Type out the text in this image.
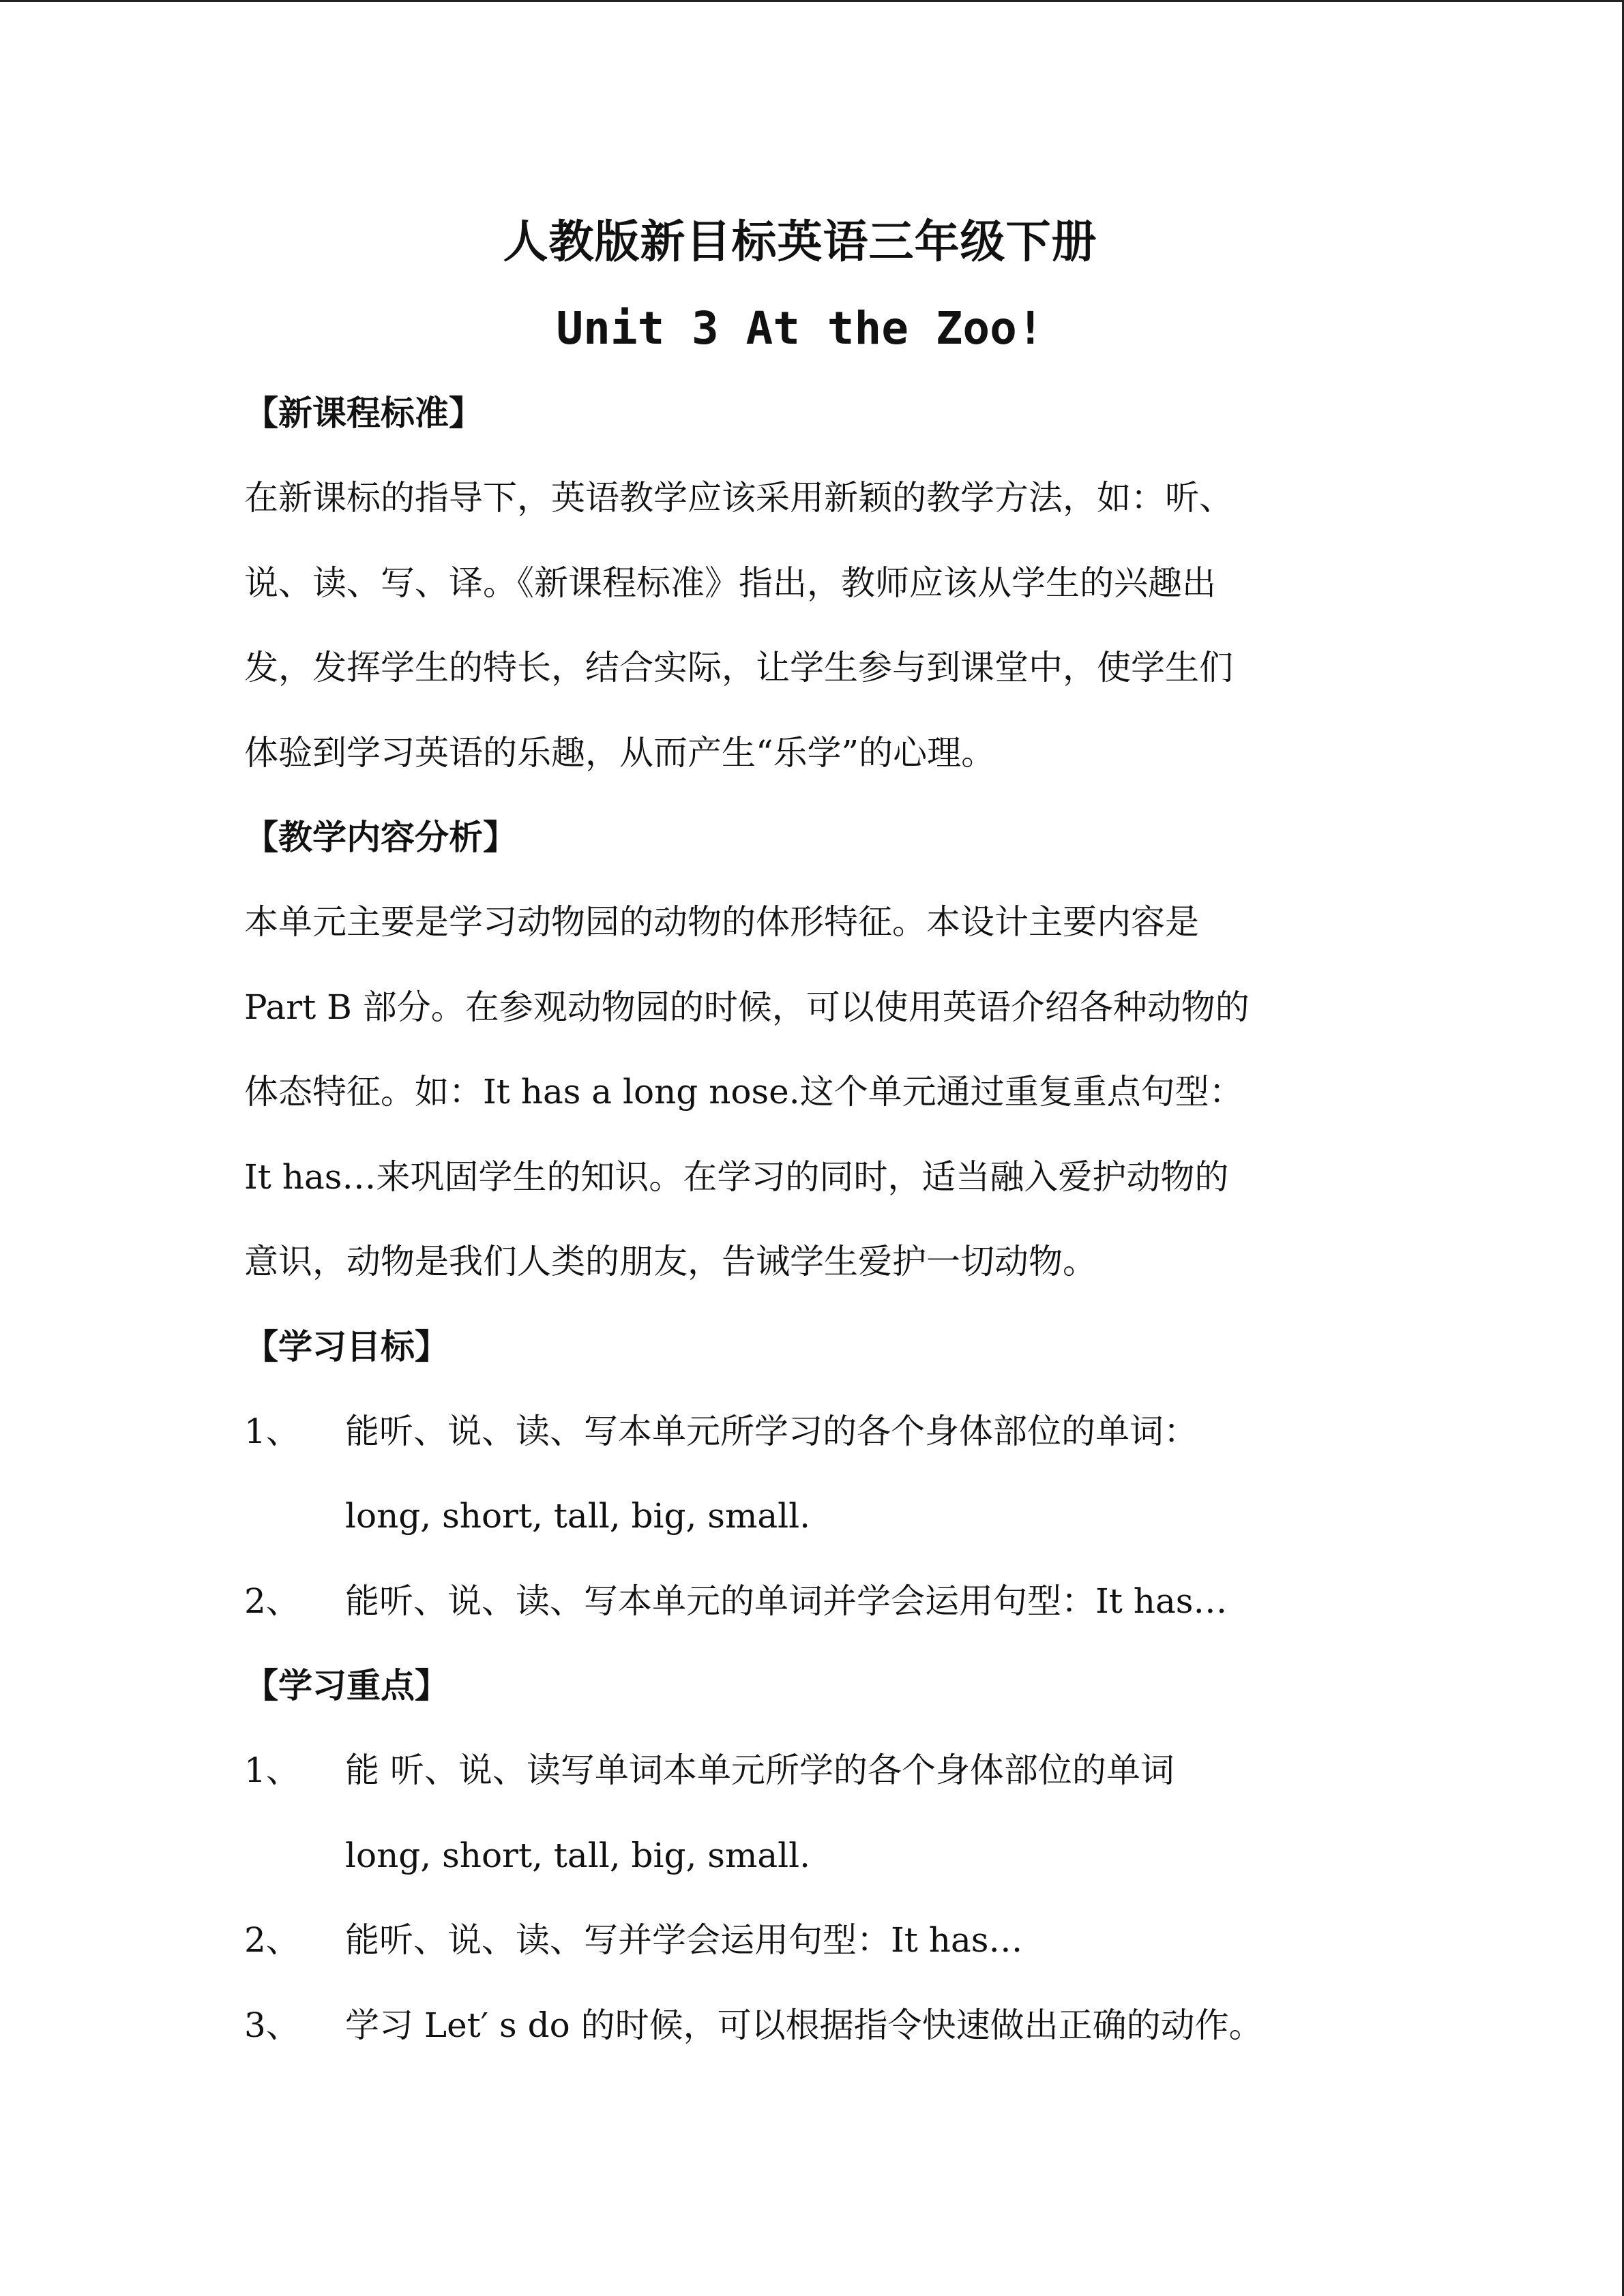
人教版新目标英语三年级下册
Unit 3 At the Zoo!
【新课程标准】

在新课标的指导下，英语教学应该采用新颖的教学方法，如：听、
说、读、写、译。《新课程标准》指出，教师应该从学生的兴趣出
发，发挥学生的特长，结合实际，让学生参与到课堂中，使学生们
体验到学习英语的乐趣，从而产生“乐学”的心理。

【教学内容分析】

本单元主要是学习动物园的动物的体形特征。本设计主要内容是
Part B 部分。在参观动物园的时候，可以使用英语介绍各种动物的
体态特征。如：It has a long nose.这个单元通过重复重点句型：
It has…来巩固学生的知识。在学习的同时，适当融入爱护动物的
意识，动物是我们人类的朋友，告诫学生爱护一切动物。

【学习目标】
1、	能听、说、读、写本单元所学习的各个身体部位的单词：
long, short, tall, big, small.
2、	能听、说、读、写本单元的单词并学会运用句型：It has…
【学习重点】
1、	能 听、说、读写单词本单元所学的各个身体部位的单词
long, short, tall, big, small.
2、	能听、说、读、写并学会运用句型：It has…
3、	学习 Let′ s do 的时候，可以根据指令快速做出正确的动作。
